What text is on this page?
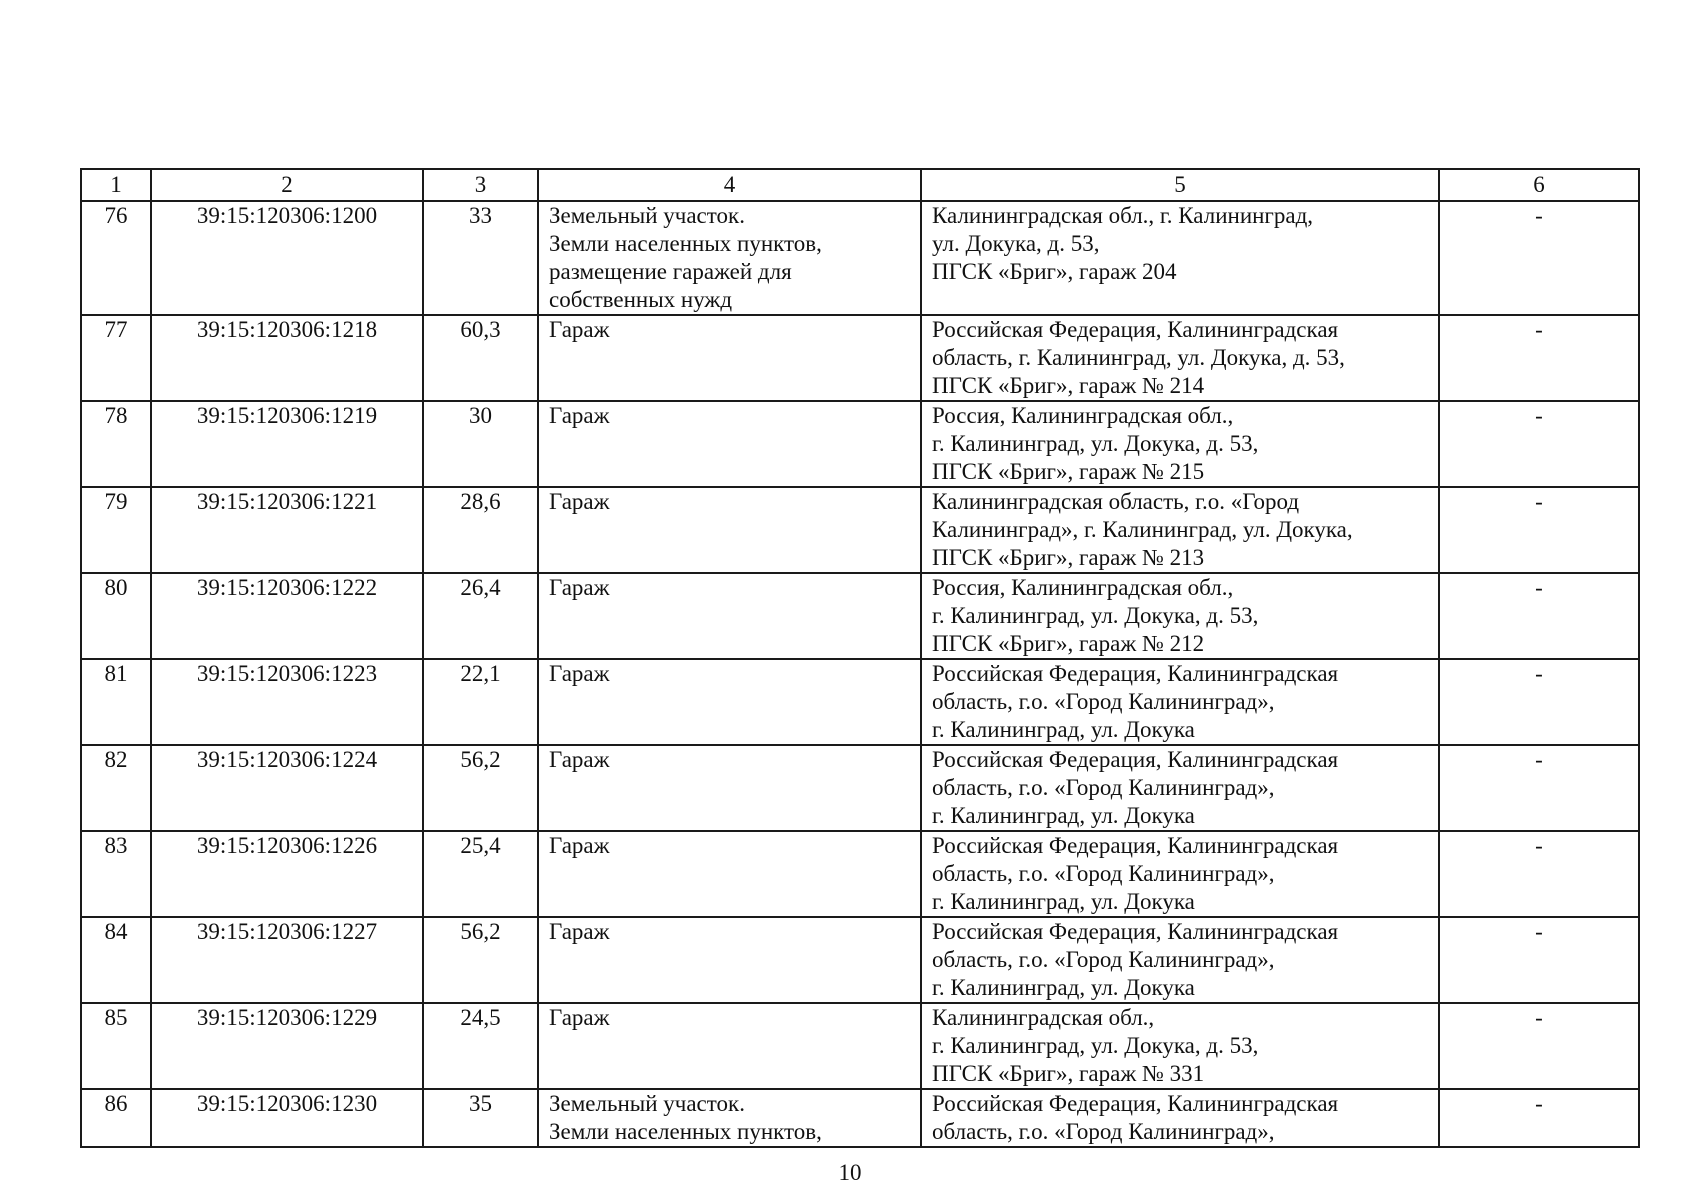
1	2	3	4	5	6
76	39:15:120306:1200	33	Земельный участок.
Земли населенных пунктов,
размещение гаражей для
собственных нужд	Калининградская обл., г. Калининград,
ул. Докука, д. 53,
ПГСК «Бриг», гараж 204	-
77	39:15:120306:1218	60,3	Гараж	Российская Федерация, Калининградская
область, г. Калининград, ул. Докука, д. 53,
ПГСК «Бриг», гараж № 214	-
78	39:15:120306:1219	30	Гараж	Россия, Калининградская обл.,
г. Калининград, ул. Докука, д. 53,
ПГСК «Бриг», гараж № 215	-
79	39:15:120306:1221	28,6	Гараж	Калининградская область, г.о. «Город
Калининград», г. Калининград, ул. Докука,
ПГСК «Бриг», гараж № 213	-
80	39:15:120306:1222	26,4	Гараж	Россия, Калининградская обл.,
г. Калининград, ул. Докука, д. 53,
ПГСК «Бриг», гараж № 212	-
81	39:15:120306:1223	22,1	Гараж	Российская Федерация, Калининградская
область, г.о. «Город Калининград»,
г. Калининград, ул. Докука	-
82	39:15:120306:1224	56,2	Гараж	Российская Федерация, Калининградская
область, г.о. «Город Калининград»,
г. Калининград, ул. Докука	-
83	39:15:120306:1226	25,4	Гараж	Российская Федерация, Калининградская
область, г.о. «Город Калининград»,
г. Калининград, ул. Докука	-
84	39:15:120306:1227	56,2	Гараж	Российская Федерация, Калининградская
область, г.о. «Город Калининград»,
г. Калининград, ул. Докука	-
85	39:15:120306:1229	24,5	Гараж	Калининградская обл.,
г. Калининград, ул. Докука, д. 53,
ПГСК «Бриг», гараж № 331	-
86	39:15:120306:1230	35	Земельный участок.
Земли населенных пунктов,	Российская Федерация, Калининградская
область, г.о. «Город Калининград»,	-
10
